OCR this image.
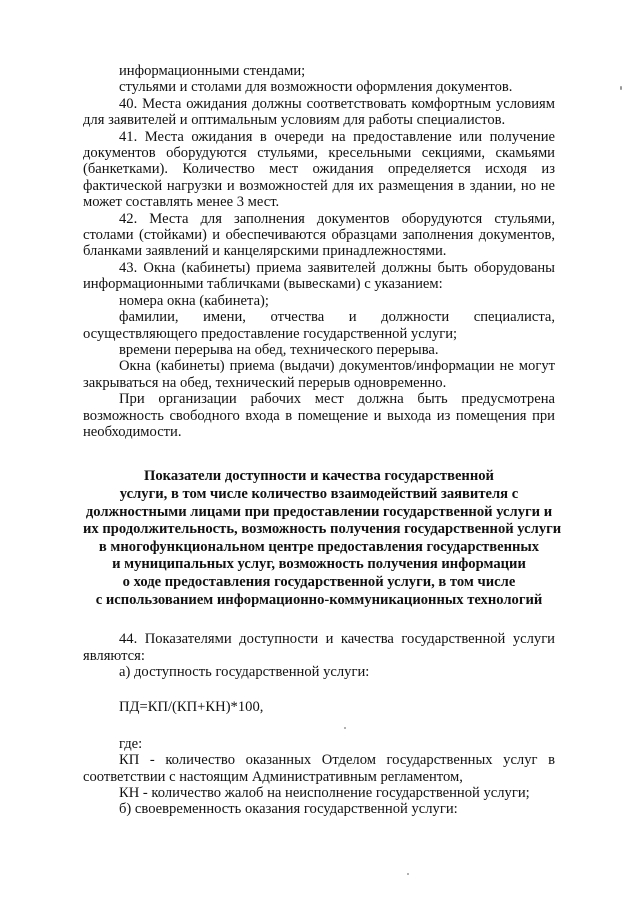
информационными стендами;

стульями и столами для возможности оформления документов.

40. Места ожидания должны соответствовать комфортным условиям для заявителей и оптимальным условиям для работы специалистов.

41. Места ожидания в очереди на предоставление или получение документов оборудуются стульями, кресельными секциями, скамьями (банкетками). Количество мест ожидания определяется исходя из фактической нагрузки и возможностей для их размещения в здании, но не может составлять менее 3 мест.

42. Места для заполнения документов оборудуются стульями, столами (стойками) и обеспечиваются образцами заполнения документов, бланками заявлений и канцелярскими принадлежностями.

43. Окна (кабинеты) приема заявителей должны быть оборудованы информационными табличками (вывесками) с указанием:

номера окна (кабинета);

фамилии, имени, отчества и должности специалиста, осуществляющего предоставление государственной услуги;

времени перерыва на обед, технического перерыва.

Окна (кабинеты) приема (выдачи) документов/информации не могут закрываться на обед, технический перерыв одновременно.

При организации рабочих мест должна быть предусмотрена возможность свободного входа в помещение и выхода из помещения при необходимости.

Показатели доступности и качества государственной
услуги, в том числе количество взаимодействий заявителя с
должностными лицами при предоставлении государственной услуги и
их продолжительность, возможность получения государственной услуги
в многофункциональном центре предоставления государственных
и муниципальных услуг, возможность получения информации
о ходе предоставления государственной услуги, в том числе
с использованием информационно-коммуникационных технологий

44. Показателями доступности и качества государственной услуги являются:

а) доступность государственной услуги:

ПД=КП/(КП+КН)*100,

где:

КП - количество оказанных Отделом государственных услуг в соответствии с настоящим Административным регламентом,

КН - количество жалоб на неисполнение государственной услуги;

б) своевременность оказания государственной услуги:
